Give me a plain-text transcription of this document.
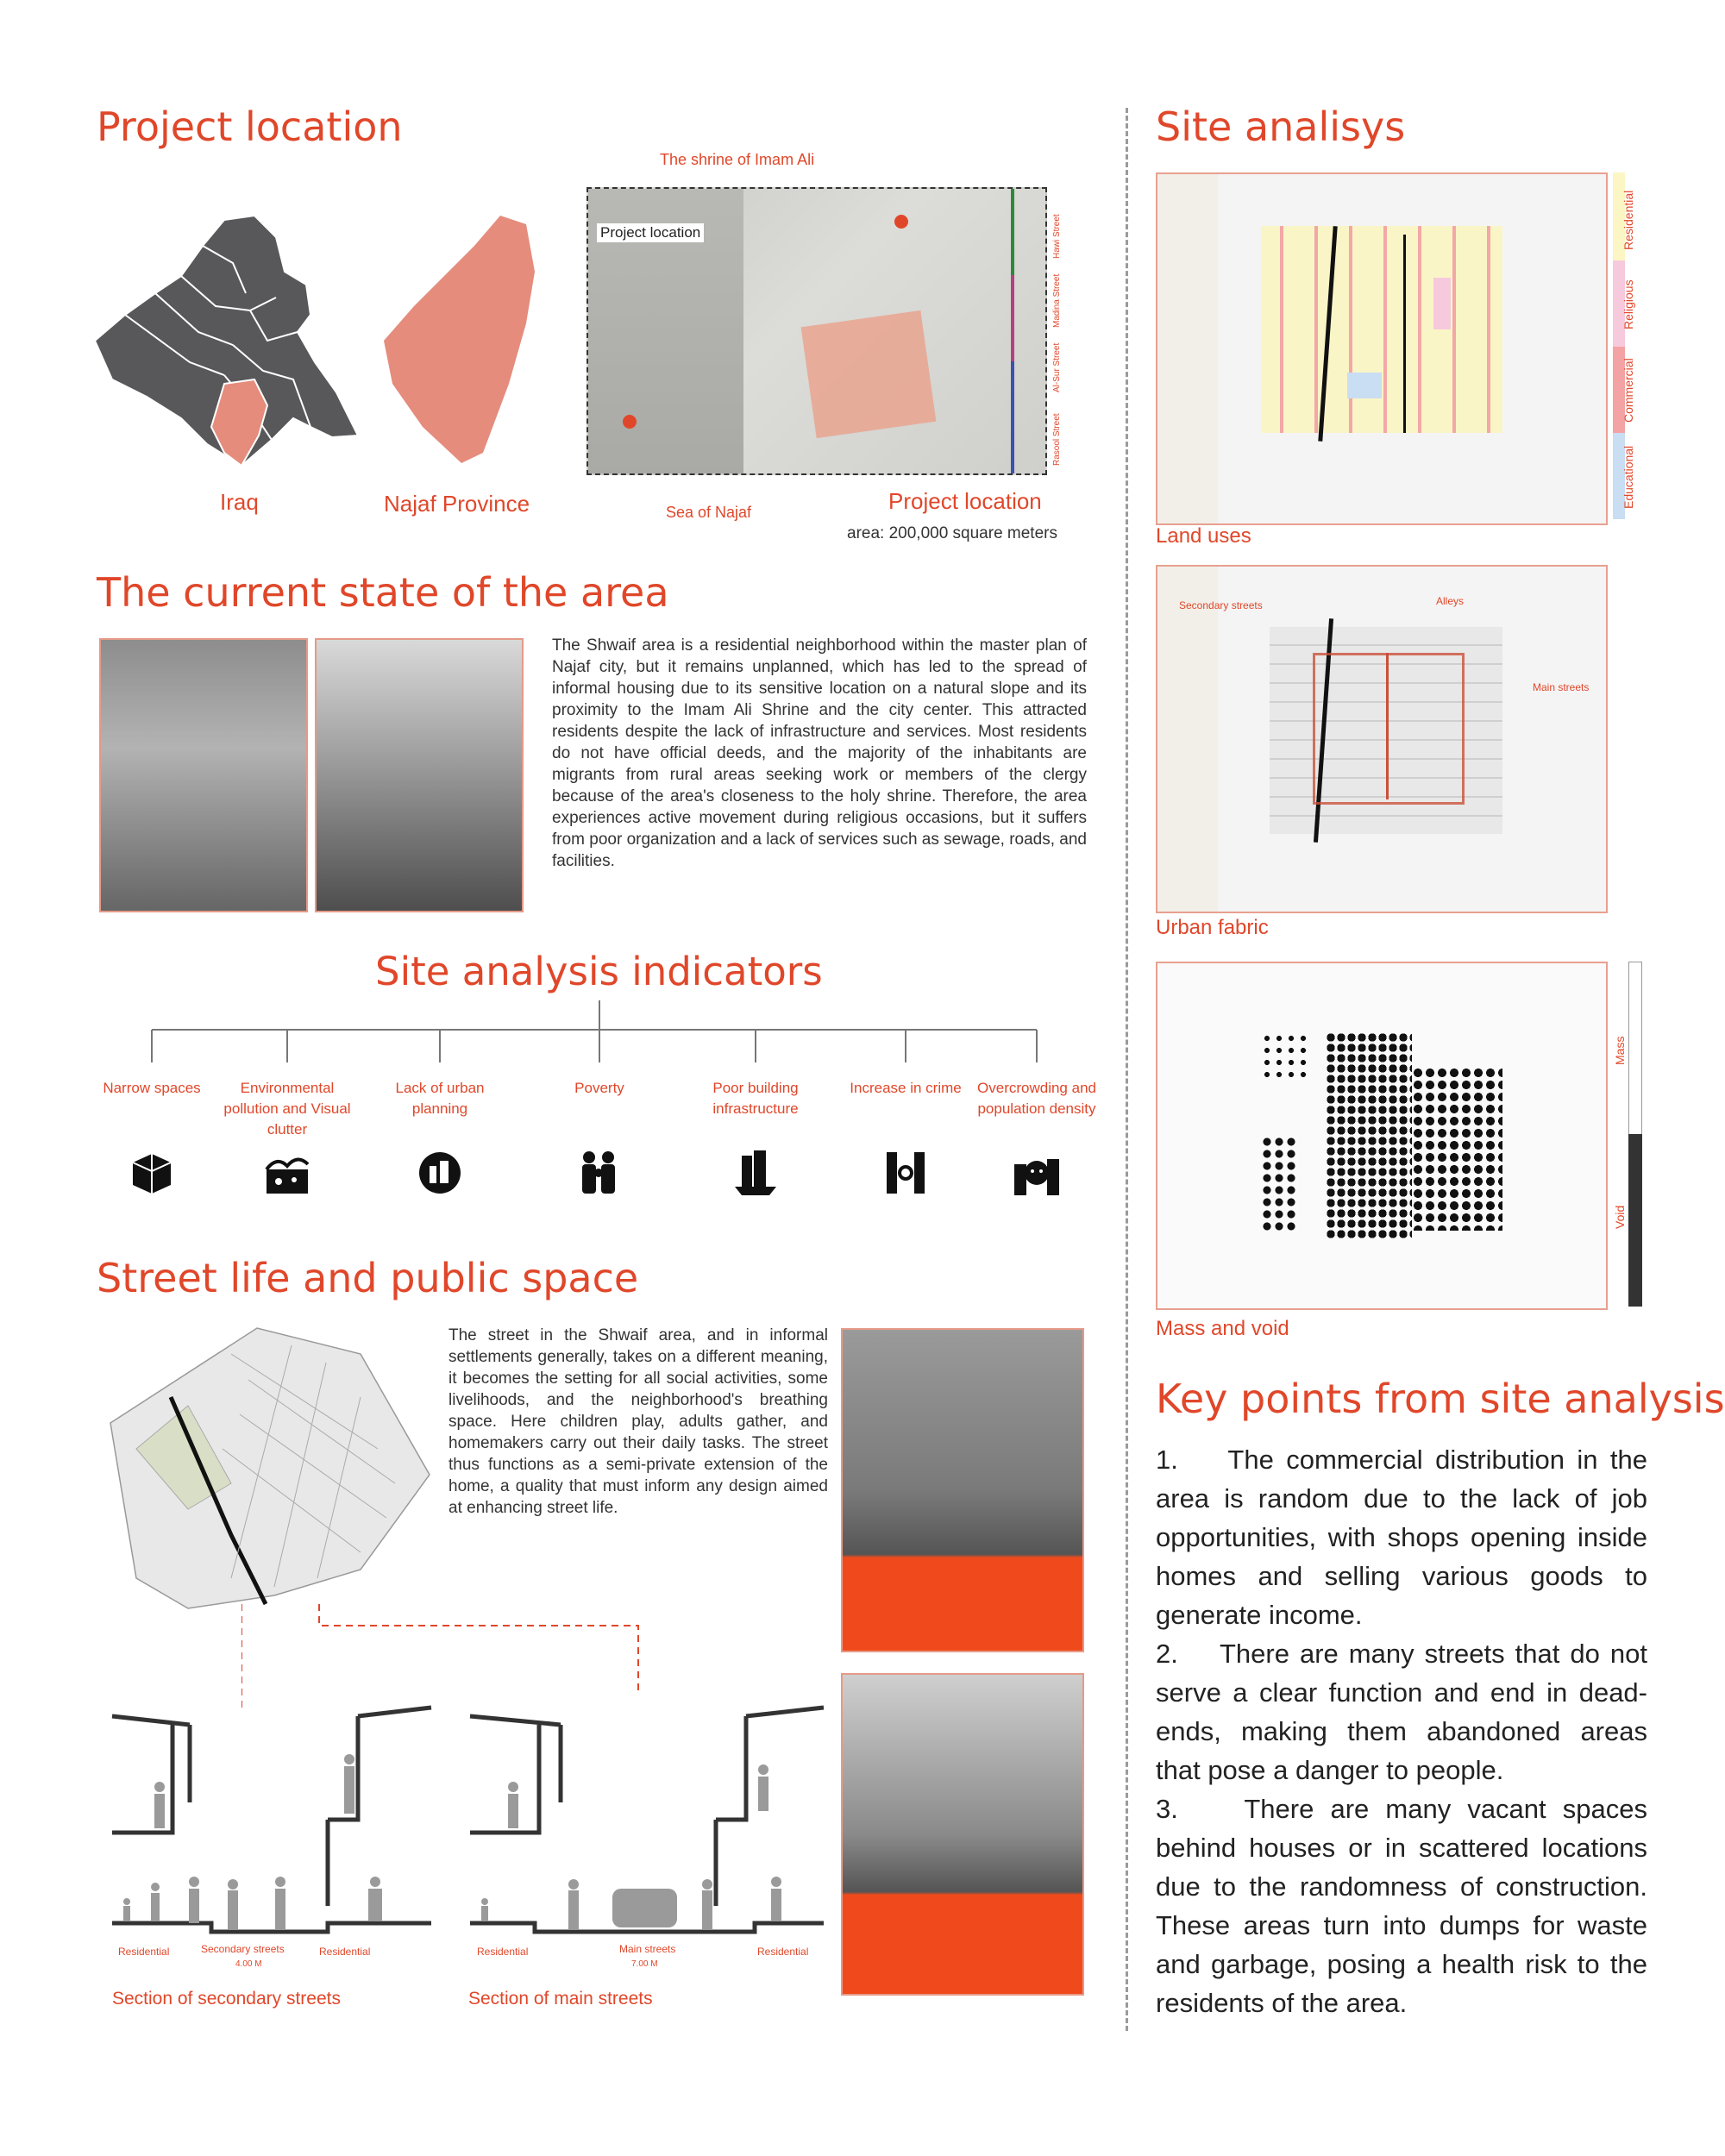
Project location
Iraq	Najaf Province
Project location	Hawi Street
Madina Street
Al-Sur Street
Rasool Street
The shrine of Imam Ali
Sea of Najaf	Project location
area: 200,000 square meters
The current state of the area
The Shwaif area is a residential neighborhood within the master plan of Najaf city, but it remains unplanned, which has led to the spread of informal housing due to its sensitive location on a natural slope and its proximity to the Imam Ali Shrine and the city center. This attracted residents despite the lack of infrastructure and services. Most residents do not have official deeds, and the majority of the inhabitants are migrants from rural areas seeking work or members of the clergy because of the area's closeness to the holy shrine. Therefore, the area experiences active movement during religious occasions, but it suffers from poor organization and a lack of services such as sewage, roads, and facilities.
Site analysis indicators
Narrow spaces	Environmental pollution and Visual clutter
Lack of urban planning
Poverty	Poor building infrastructure
Increase in crime	Overcrowding and population density
Street life and public space
The street in the Shwaif area, and in informal settlements generally, takes on a different meaning, it becomes the setting for all social activities, some livelihoods, and the neighborhood's breathing space. Here children play, adults gather, and homemakers carry out their daily tasks. The street thus functions as a semi-private extension of the home, a quality that must inform any design aimed at enhancing street life.
Residential	Secondary streets	Residential
4.00 M
Section of secondary streets
Residential	Main streets	Residential
7.00 M
Section of main streets
Site analisys
Residential
Religious
Commercial
Educational
Land uses
Secondary streets	Alleys
Main streets
Urban fabric
Mass
Void
Mass and void
Key points from site analysis
1.    The commercial distribution in the area is random due to the lack of job opportunities, with shops opening inside homes and selling various goods to generate income.
2.    There are many streets that do not serve a clear function and end in dead-ends, making them abandoned areas that pose a danger to people.
3.    There are many vacant spaces behind houses or in scattered locations due to the randomness of construction. These areas turn into dumps for waste and garbage, posing a health risk to the residents of the area.
